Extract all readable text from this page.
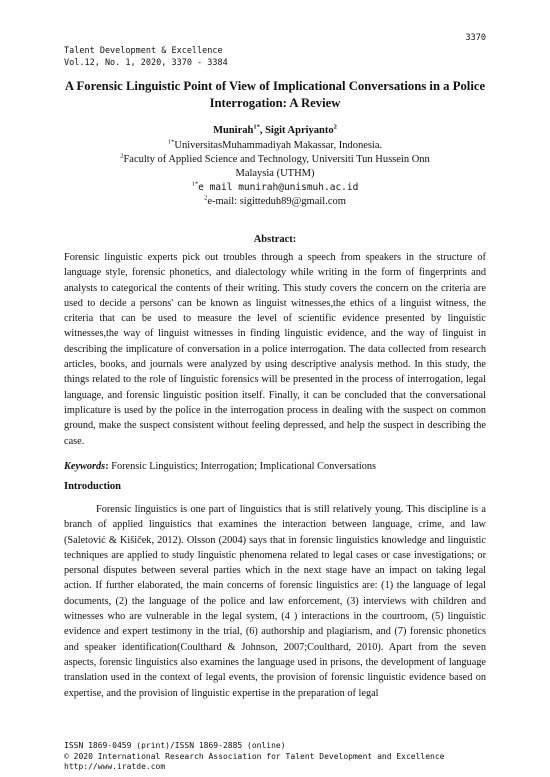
3370
Talent Development & Excellence
Vol.12, No. 1, 2020, 3370 - 3384
A Forensic Linguistic Point of View of Implicational Conversations in a Police Interrogation: A Review
Munirah$^{1*}$, Sigit Apriyanto$^2$
$^{1*}$UniversitasMuhammadiyah Makassar, Indonesia.
$^2$Faculty of Applied Science and Technology, Universiti Tun Hussein Onn
Malaysia (UTHM)
$^{1*}$e mail munirah@unismuh.ac.id
$^2$e-mail: sigitteduh89@gmail.com
Abstract:

Forensic linguistic experts pick out troubles through a speech from speakers in the structure of language style, forensic phonetics, and dialectology while writing in the form of fingerprints and analysts to categorical the contents of their writing. This study covers the concern on the criteria are used to decide a persons' can be known as linguist witnesses,the ethics of a linguist witness, the criteria that can be used to measure the level of scientific evidence presented by linguistic witnesses,the way of linguist witnesses in finding linguistic evidence, and the way of linguist in describing the implicature of conversation in a police interrogation. The data collected from research articles, books, and journals were analyzed by using descriptive analysis method. In this study, the things related to the role of linguistic forensics will be presented in the process of interrogation, legal language, and forensic linguistic position itself. Finally, it can be concluded that the conversational implicature is used by the police in the interrogation process in dealing with the suspect on common ground, make the suspect consistent without feeling depressed, and help the suspect in describing the case.

Keywords: Forensic Linguistics; Interrogation; Implicational Conversations
Introduction

Forensic linguistics is one part of linguistics that is still relatively young. This discipline is a branch of applied linguistics that examines the interaction between language, crime, and law (Saletović & Kišiček, 2012). Olsson (2004) says that in forensic linguistics knowledge and linguistic techniques are applied to study linguistic phenomena related to legal cases or case investigations; or personal disputes between several parties which in the next stage have an impact on taking legal action. If further elaborated, the main concerns of forensic linguistics are: (1) the language of legal documents, (2) the language of the police and law enforcement, (3) interviews with children and witnesses who are vulnerable in the legal system, (4 ) interactions in the courtroom, (5) linguistic evidence and expert testimony in the trial, (6) authorship and plagiarism, and (7) forensic phonetics and speaker identification(Coulthard & Johnson, 2007;Coulthard, 2010). Apart from the seven aspects, forensic linguistics also examines the language used in prisons, the development of language translation used in the context of legal events, the provision of forensic linguistic evidence based on expertise, and the provision of linguistic expertise in the preparation of legal

ISSN 1869-0459 (print)/ISSN 1869-2885 (online)
© 2020 International Research Association for Talent Development and Excellence
http://www.iratde.com
